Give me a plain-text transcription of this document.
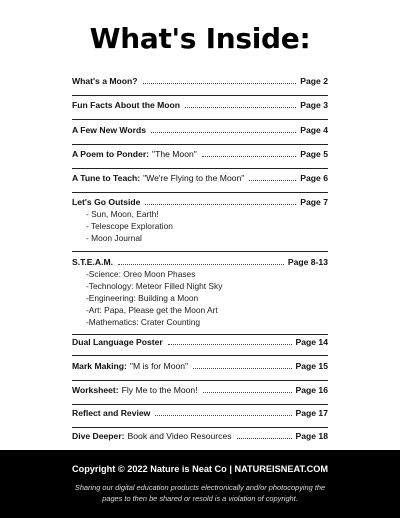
What's Inside:
What's a Moon?	Page 2
Fun Facts About the Moon	Page 3
A Few New Words	Page 4
A Poem to Ponder: "The Moon"	Page 5
A Tune to Teach: "We're Flying to the Moon"	Page 6
Let's Go Outside	Page 7
- Sun, Moon, Earth!
- Telescope Exploration
- Moon Journal
S.T.E.A.M.	Page 8-13
-Science: Oreo Moon Phases
-Technology: Meteor Filled Night Sky
-Engineering: Building a Moon
-Art: Papa, Please get the Moon Art
-Mathematics: Crater Counting
Dual Language Poster	Page 14
Mark Making: "M is for Moon"	Page 15
Worksheet: Fly Me to the Moon!	Page 16
Reflect and Review	Page 17
Dive Deeper: Book and Video Resources	Page 18
Copyright © 2022 Nature is Neat Co | NATUREISNEAT.COM
Sharing our digital education products electronically and/or photocopying the pages to then be shared or resold is a violation of copyright.
